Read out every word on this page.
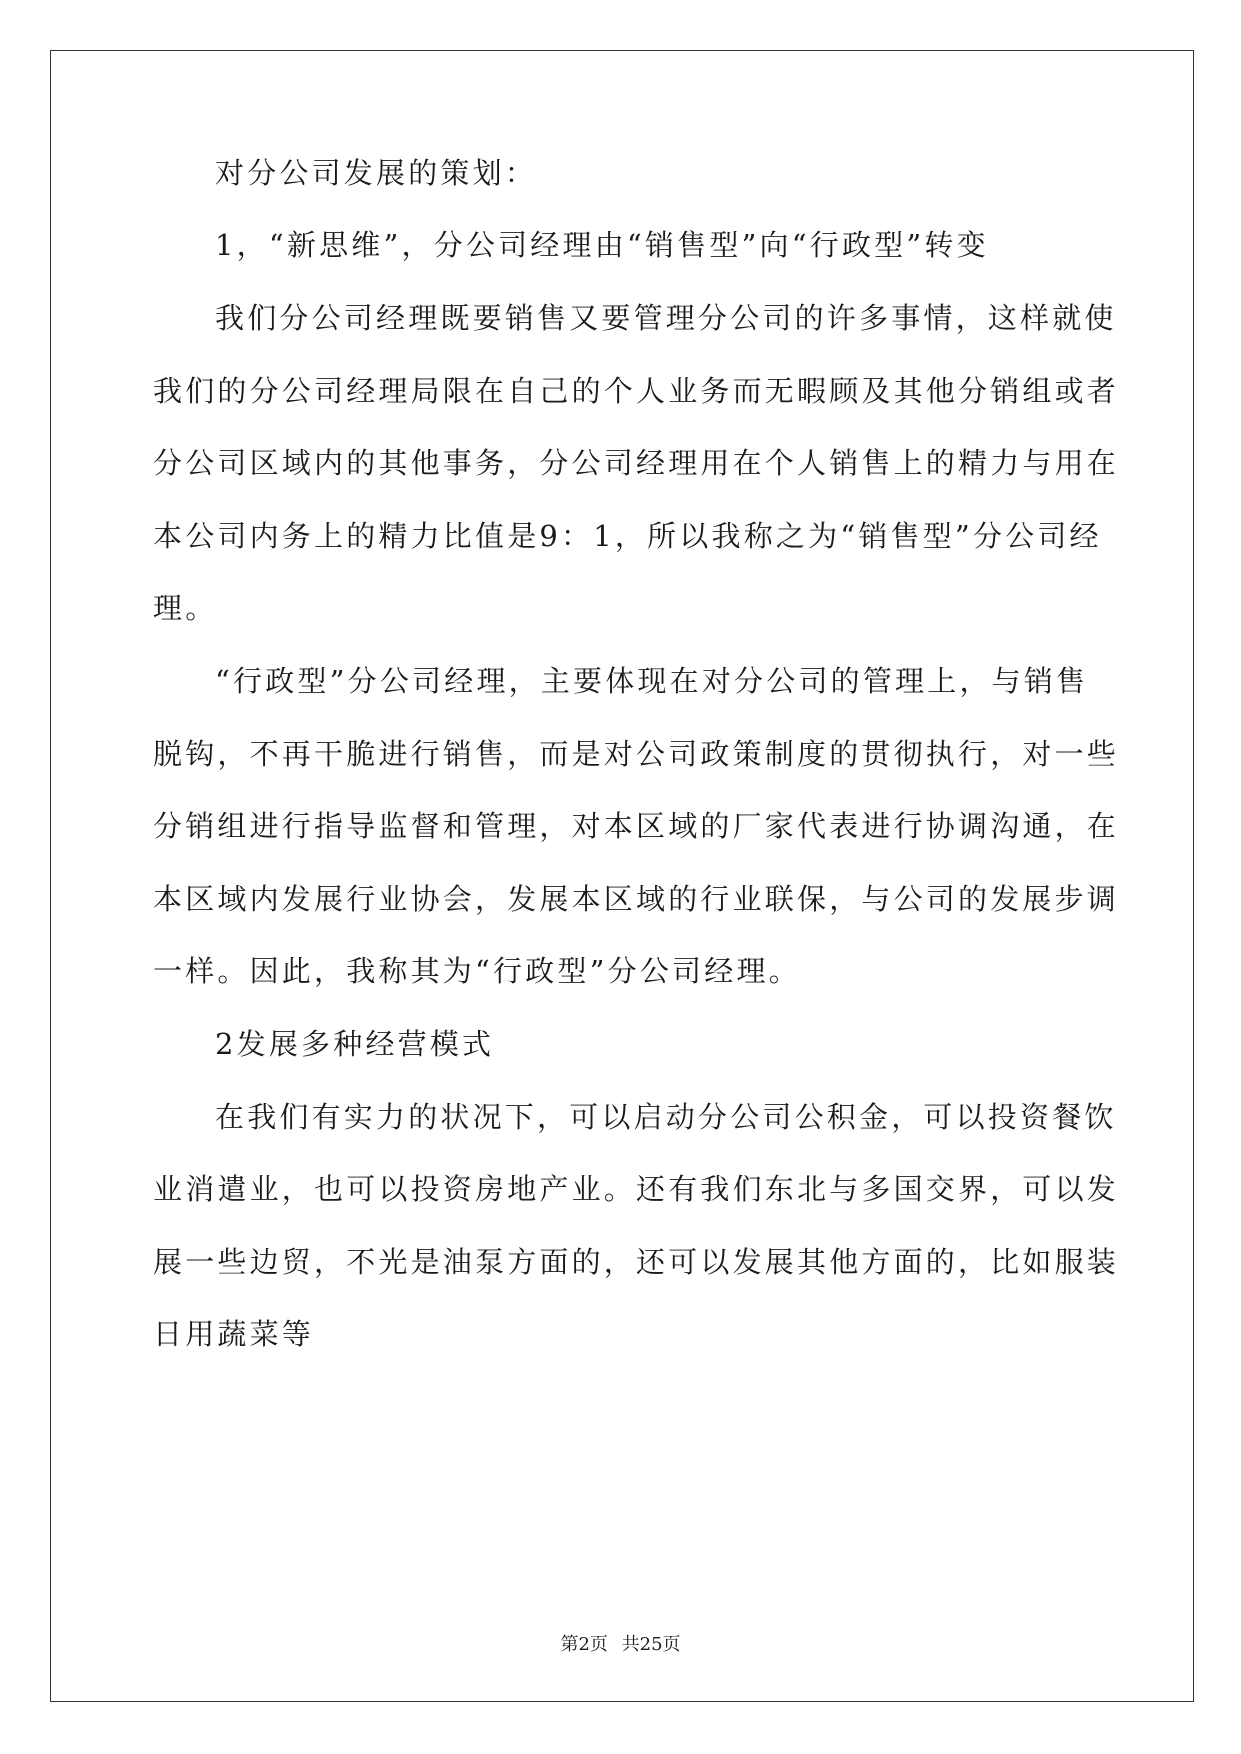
对分公司发展的策划：
1，“新思维”，分公司经理由“销售型”向“行政型”转变
我们分公司经理既要销售又要管理分公司的许多事情，这样就使
我们的分公司经理局限在自己的个人业务而无暇顾及其他分销组或者
分公司区域内的其他事务，分公司经理用在个人销售上的精力与用在
本公司内务上的精力比值是9：1，所以我称之为“销售型”分公司经
理。
“行政型”分公司经理，主要体现在对分公司的管理上，与销售
脱钩，不再干脆进行销售，而是对公司政策制度的贯彻执行，对一些
分销组进行指导监督和管理，对本区域的厂家代表进行协调沟通，在
本区域内发展行业协会，发展本区域的行业联保，与公司的发展步调
一样。因此，我称其为“行政型”分公司经理。
2发展多种经营模式
在我们有实力的状况下，可以启动分公司公积金，可以投资餐饮
业消遣业，也可以投资房地产业。还有我们东北与多国交界，可以发
展一些边贸，不光是油泵方面的，还可以发展其他方面的，比如服装
日用蔬菜等
第2页 共25页
